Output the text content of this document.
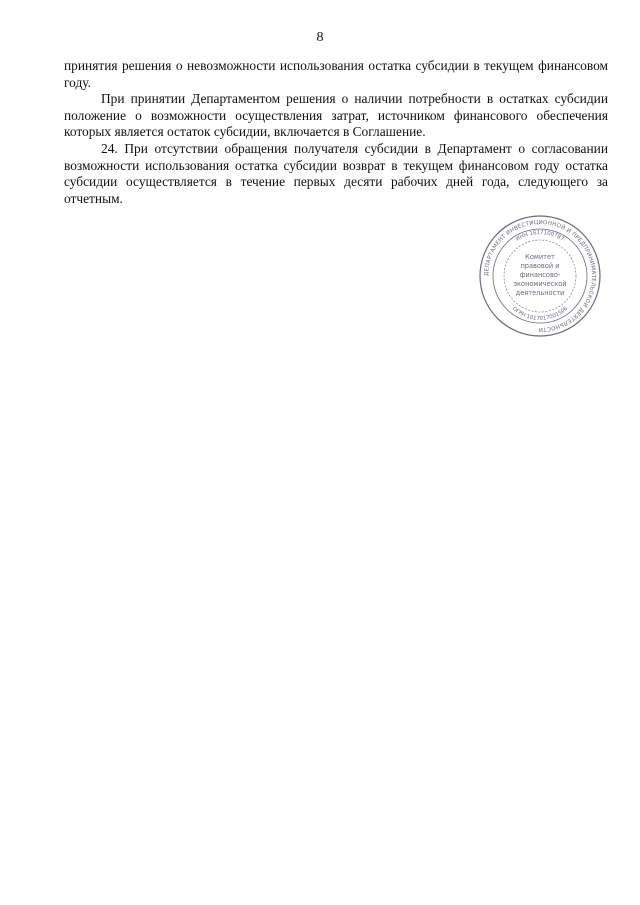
8

принятия решения о невозможности использования остатка субсидии в текущем финансовом году.

При принятии Департаментом решения о наличии потребности в остатках субсидии положение о возможности осуществления затрат, источником финансового обеспечения которых является остаток субсидии, включается в Соглашение.

24. При отсутствии обращения получателя субсидии в Департамент о согласовании возможности использования остатка субсидии возврат в текущем финансовом году остатка субсидии осуществляется в течение первых десяти рабочих дней года, следующего за отчетным.

ДЕПАРТАМЕНТ ИНВЕСТИЦИОННОЙ И ПРЕДПРИНИМАТЕЛЬСКОЙ ДЕЯТЕЛЬНОСТИ
ИНН 1617100787
ОГРН 1017017001506
Комитет
правовой и
финансово-
экономической
деятельности
